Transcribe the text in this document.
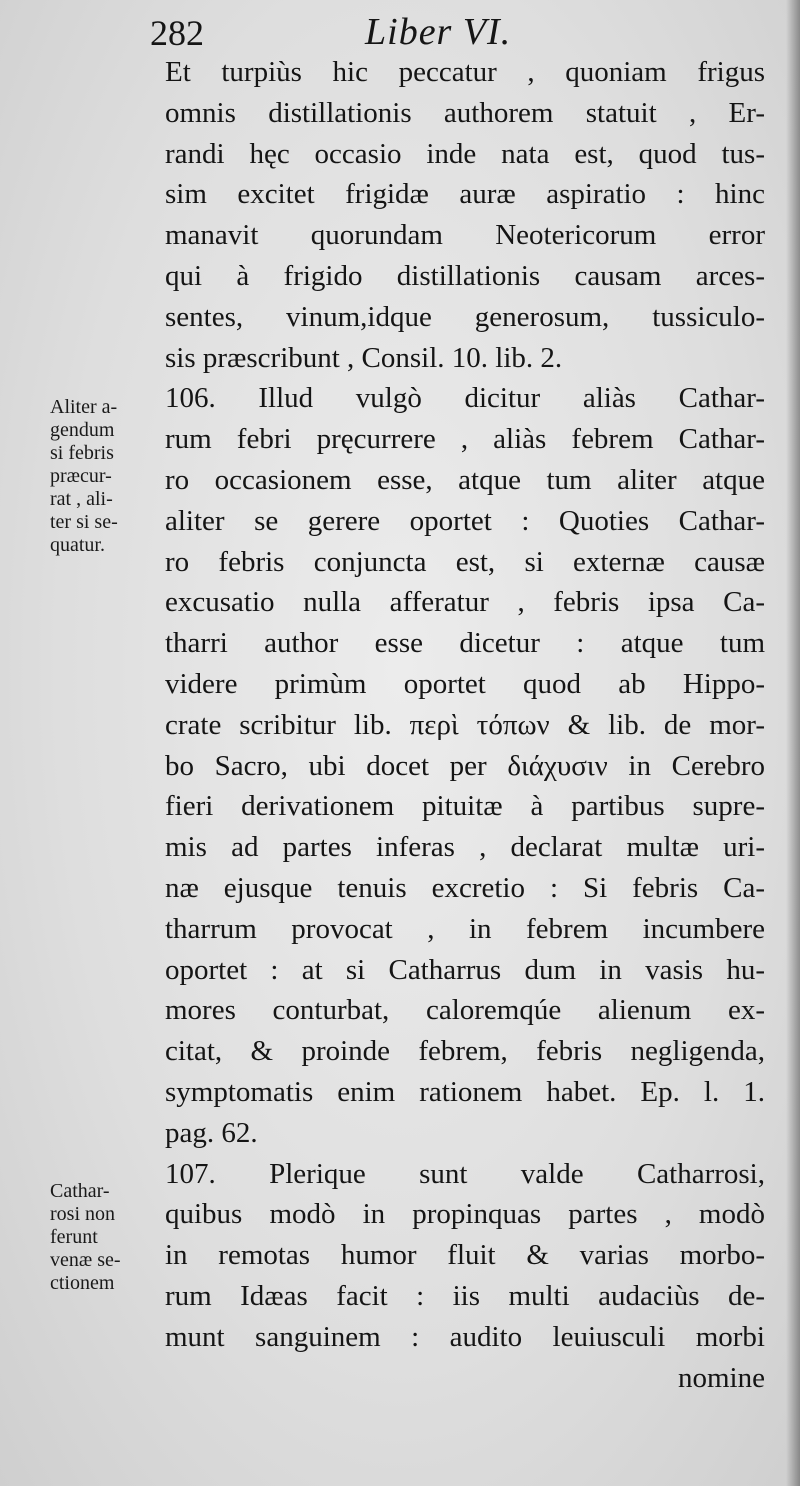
282	Liber VI.
Aliter a-
gendum
si febris
præcur-
rat , ali-
ter si se-
quatur.
Cathar-
rosi non
ferunt
venæ se-
ctionem
Et turpiùs hic peccatur , quoniam frigus
omnis distillationis authorem statuit , Er-
randi hęc occasio inde nata est, quod tus-
sim excitet frigidæ auræ aspiratio : hinc
manavit quorundam Neotericorum error
qui à frigido distillationis causam arces-
sentes, vinum,idque generosum, tussiculo-
sis præscribunt , Consil. 10. lib. 2.
106. Illud vulgò dicitur aliàs Cathar-
rum febri pręcurrere , aliàs febrem Cathar-
ro occasionem esse, atque tum aliter atque
aliter se gerere oportet : Quoties Cathar-
ro febris conjuncta est, si externæ causæ
excusatio nulla afferatur , febris ipsa Ca-
tharri author esse dicetur : atque tum
videre primùm oportet quod ab Hippo-
crate scribitur lib. περὶ τόπων & lib. de mor-
bo Sacro, ubi docet per διάχυσιν in Cerebro
fieri derivationem pituitæ à partibus supre-
mis ad partes inferas , declarat multæ uri-
næ ejusque tenuis excretio : Si febris Ca-
tharrum provocat , in febrem incumbere
oportet : at si Catharrus dum in vasis hu-
mores conturbat, caloremqúe alienum ex-
citat, & proinde febrem, febris negligenda,
symptomatis enim rationem habet. Ep. l. 1.
pag. 62.
107. Plerique sunt valde Catharrosi,
quibus modò in propinquas partes , modò
in remotas humor fluit & varias morbo-
rum Idæas facit : iis multi audaciùs de-
munt sanguinem : audito leuiusculi morbi
nomine
